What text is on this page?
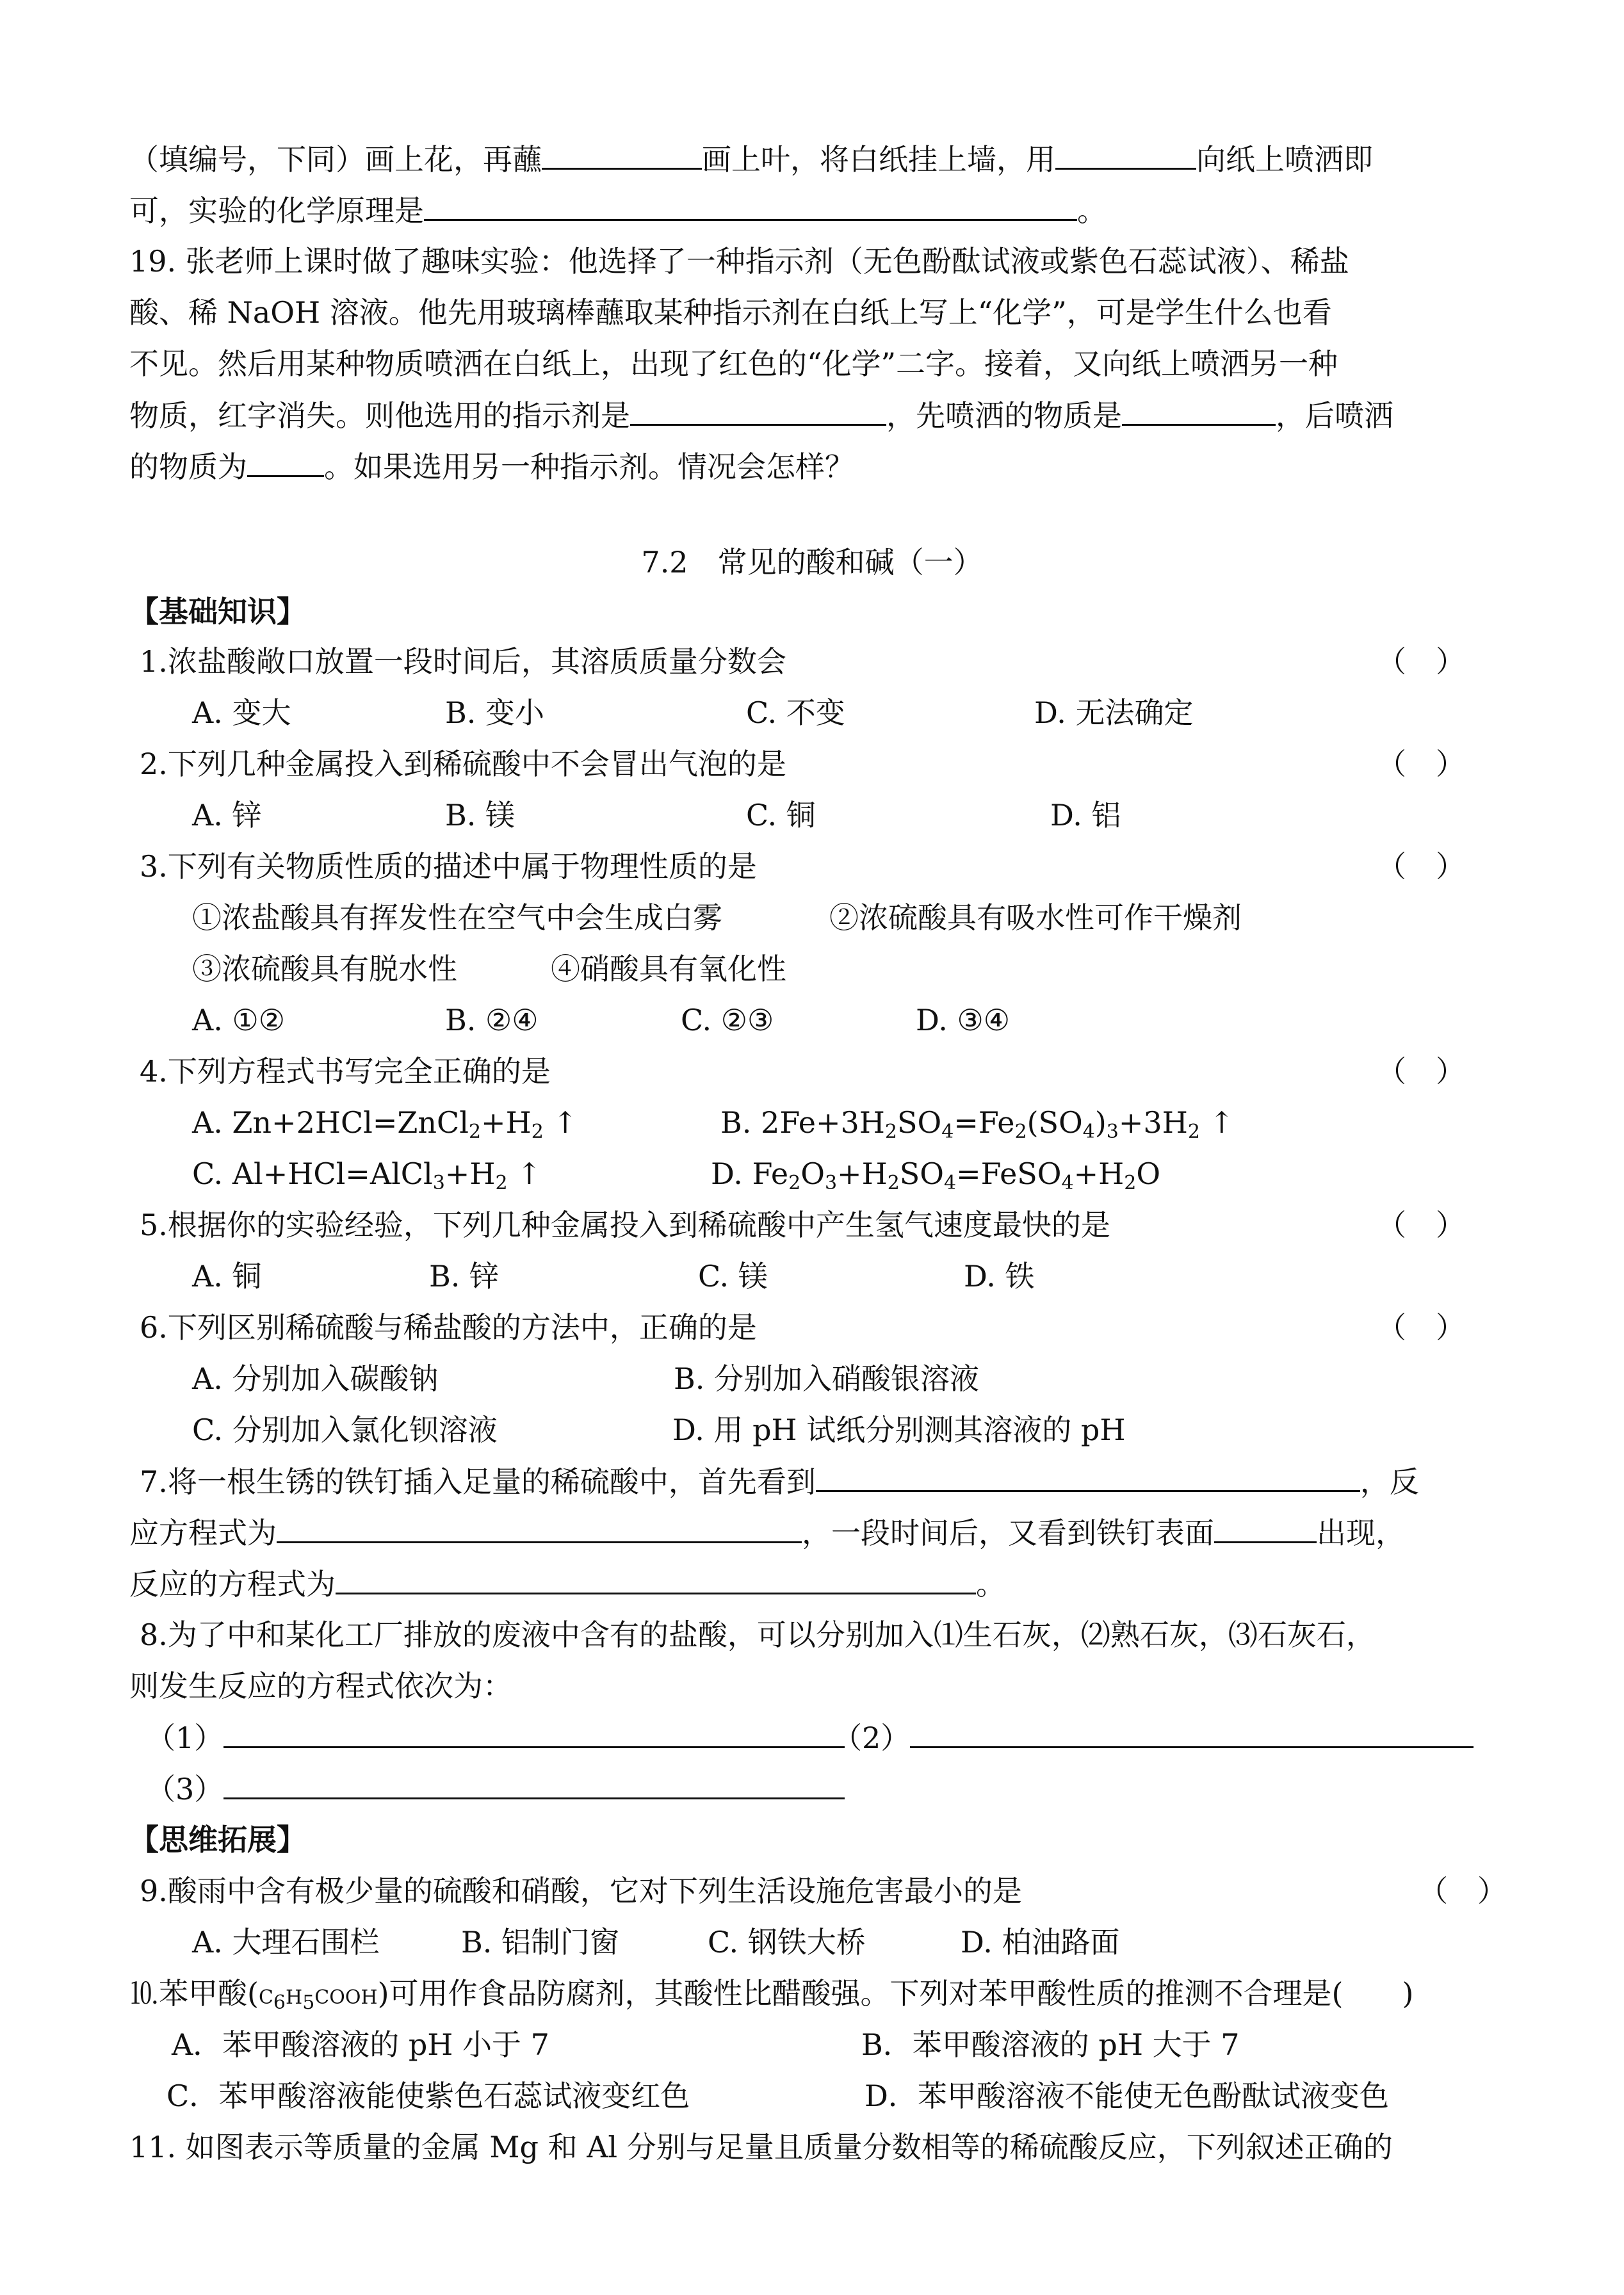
（填编号，下同）画上花，再蘸	画上叶，将白纸挂上墙，用	向纸上喷洒即
可，实验的化学原理是	。
19. 张老师上课时做了趣味实验：他选择了一种指示剂（无色酚酞试液或紫色石蕊试液）、稀盐
酸、稀 NaOH 溶液。他先用玻璃棒蘸取某种指示剂在白纸上写上“化学”，可是学生什么也看
不见。然后用某种物质喷洒在白纸上，出现了红色的“化学”二字。接着，又向纸上喷洒另一种
物质，红字消失。则他选用的指示剂是	，先喷洒的物质是	，后喷洒
的物质为	。如果选用另一种指示剂。情况会怎样？
7.2　常见的酸和碱（一）
【基础知识】
1.浓盐酸敞口放置一段时间后，其溶质质量分数会	（　）
A. 变大	B. 变小	C. 不变	D. 无法确定
2.下列几种金属投入到稀硫酸中不会冒出气泡的是	（　）
A. 锌	B. 镁	C. 铜	D. 铝
3.下列有关物质性质的描述中属于物理性质的是	（　）
①浓盐酸具有挥发性在空气中会生成白雾	②浓硫酸具有吸水性可作干燥剂
③浓硫酸具有脱水性	④硝酸具有氧化性
A. ①②	B. ②④	C. ②③	D. ③④
4.下列方程式书写完全正确的是	（　）
A. $Zn+2HCl=ZnCl_2+H_2$ ↑	B. $2Fe+3H_2SO_4=Fe_2(SO_4)_3+3H_2$ ↑
C. $Al+HCl=AlCl_3+H_2$ ↑	D. $Fe_2O_3+H_2SO_4=FeSO_4+H_2O$
5.根据你的实验经验，下列几种金属投入到稀硫酸中产生氢气速度最快的是	（　）
A. 铜	B. 锌	C. 镁	D. 铁
6.下列区别稀硫酸与稀盐酸的方法中，正确的是	（　）
A. 分别加入碳酸钠	B. 分别加入硝酸银溶液
C. 分别加入氯化钡溶液	D. 用 pH 试纸分别测其溶液的 pH
7.将一根生锈的铁钉插入足量的稀硫酸中，首先看到	，反
应方程式为	，一段时间后，又看到铁钉表面	出现，
反应的方程式为	。
8.为了中和某化工厂排放的废液中含有的盐酸，可以分别加入⑴生石灰，⑵熟石灰，⑶石灰石，
则发生反应的方程式依次为：
（1）	（2）
（3）
【思维拓展】
9.酸雨中含有极少量的硫酸和硝酸，它对下列生活设施危害最小的是	（　）
A. 大理石围栏	B. 铝制门窗	C. 钢铁大桥	D. 柏油路面
⒑苯甲酸$(C_6H_5COOH)$可用作食品防腐剂，其酸性比醋酸强。下列对苯甲酸性质的推测不合理是(　　)
A．苯甲酸溶液的 pH 小于 7	B．苯甲酸溶液的 pH 大于 7
C．苯甲酸溶液能使紫色石蕊试液变红色	D．苯甲酸溶液不能使无色酚酞试液变色
11. 如图表示等质量的金属 Mg 和 Al 分别与足量且质量分数相等的稀硫酸反应，下列叙述正确的
